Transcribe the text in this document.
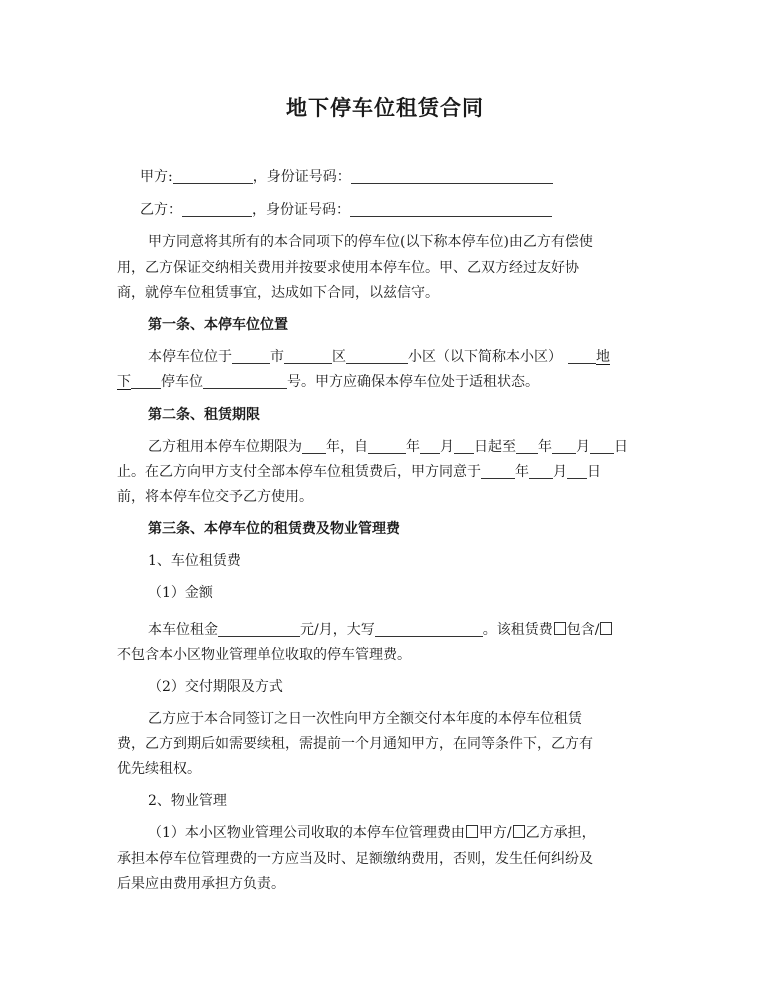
地下停车位租赁合同
甲方:	，身份证号码：
乙方：	，身份证号码：
甲方同意将其所有的本合同项下的停车位(以下称本停车位)由乙方有偿使
用，乙方保证交纳相关费用并按要求使用本停车位。甲、乙双方经过友好协
商，就停车位租赁事宜，达成如下合同，以兹信守。
第一条、本停车位位置
本停车位位于	市	区	小区（以下简称本小区） 地
下 停车位	号。甲方应确保本停车位处于适租状态。
第二条、租赁期限
乙方租用本停车位期限为 年，自	年 月 日起至 年 月 日
止。在乙方向甲方支付全部本停车位租赁费后，甲方同意于 年 月 日
前，将本停车位交予乙方使用。
第三条、本停车位的租赁费及物业管理费
1、车位租赁费
（1）金额
本车位租金	元/月，大写	。该租赁费 包含/
不包含本小区物业管理单位收取的停车管理费。
（2）交付期限及方式
乙方应于本合同签订之日一次性向甲方全额交付本年度的本停车位租赁
费，乙方到期后如需要续租，需提前一个月通知甲方，在同等条件下，乙方有
优先续租权。
2、物业管理
（1）本小区物业管理公司收取的本停车位管理费由 甲方/ 乙方承担，
承担本停车位管理费的一方应当及时、足额缴纳费用，否则，发生任何纠纷及
后果应由费用承担方负责。
